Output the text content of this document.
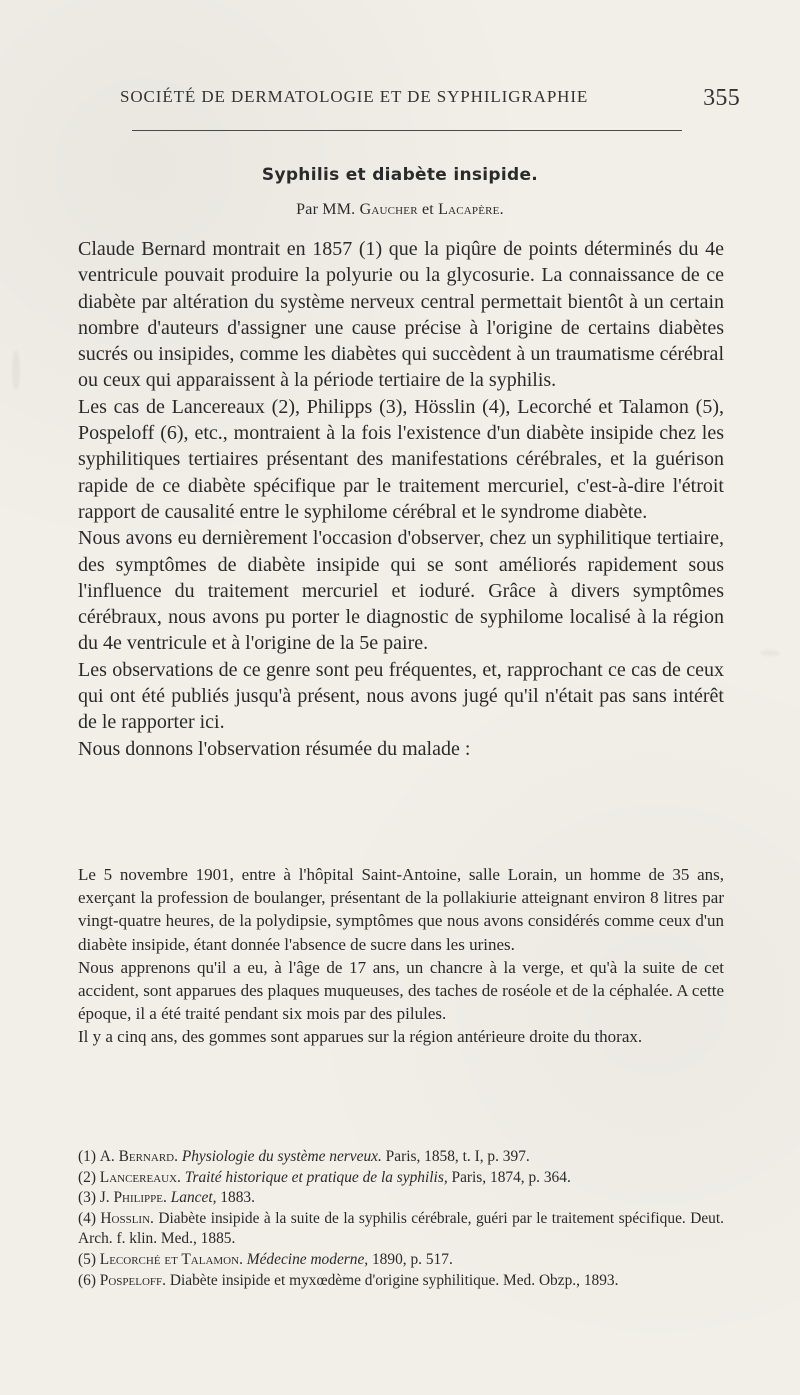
SOCIÉTÉ DE DERMATOLOGIE ET DE SYPHILIGRAPHIE	355
Syphilis et diabète insipide.
Par MM. Gaucher et Lacapère.

Claude Bernard montrait en 1857 (1) que la piqûre de points déterminés du 4e ventricule pouvait produire la polyurie ou la glycosurie. La connaissance de ce diabète par altération du système nerveux central permettait bientôt à un certain nombre d'auteurs d'assigner une cause précise à l'origine de certains diabètes sucrés ou insipides, comme les diabètes qui succèdent à un traumatisme cérébral ou ceux qui apparaissent à la période tertiaire de la syphilis.

Les cas de Lancereaux (2), Philipps (3), Hösslin (4), Lecorché et Talamon (5), Pospeloff (6), etc., montraient à la fois l'existence d'un diabète insipide chez les syphilitiques tertiaires présentant des manifestations cérébrales, et la guérison rapide de ce diabète spécifique par le traitement mercuriel, c'est-à-dire l'étroit rapport de causalité entre le syphilome cérébral et le syndrome diabète.

Nous avons eu dernièrement l'occasion d'observer, chez un syphilitique tertiaire, des symptômes de diabète insipide qui se sont améliorés rapidement sous l'influence du traitement mercuriel et ioduré. Grâce à divers symptômes cérébraux, nous avons pu porter le diagnostic de syphilome localisé à la région du 4e ventricule et à l'origine de la 5e paire.

Les observations de ce genre sont peu fréquentes, et, rapprochant ce cas de ceux qui ont été publiés jusqu'à présent, nous avons jugé qu'il n'était pas sans intérêt de le rapporter ici.

Nous donnons l'observation résumée du malade :

Le 5 novembre 1901, entre à l'hôpital Saint-Antoine, salle Lorain, un homme de 35 ans, exerçant la profession de boulanger, présentant de la pollakiurie atteignant environ 8 litres par vingt-quatre heures, de la polydipsie, symptômes que nous avons considérés comme ceux d'un diabète insipide, étant donnée l'absence de sucre dans les urines.

Nous apprenons qu'il a eu, à l'âge de 17 ans, un chancre à la verge, et qu'à la suite de cet accident, sont apparues des plaques muqueuses, des taches de roséole et de la céphalée. A cette époque, il a été traité pendant six mois par des pilules.

Il y a cinq ans, des gommes sont apparues sur la région antérieure droite du thorax.

(1) A. Bernard. Physiologie du système nerveux. Paris, 1858, t. I, p. 397.

(2) Lancereaux. Traité historique et pratique de la syphilis, Paris, 1874, p. 364.

(3) J. Philippe. Lancet, 1883.

(4) Hosslin. Diabète insipide à la suite de la syphilis cérébrale, guéri par le traitement spécifique. Deut. Arch. f. klin. Med., 1885.

(5) Lecorché et Talamon. Médecine moderne, 1890, p. 517.

(6) Pospeloff. Diabète insipide et myxœdème d'origine syphilitique. Med. Obzp., 1893.
